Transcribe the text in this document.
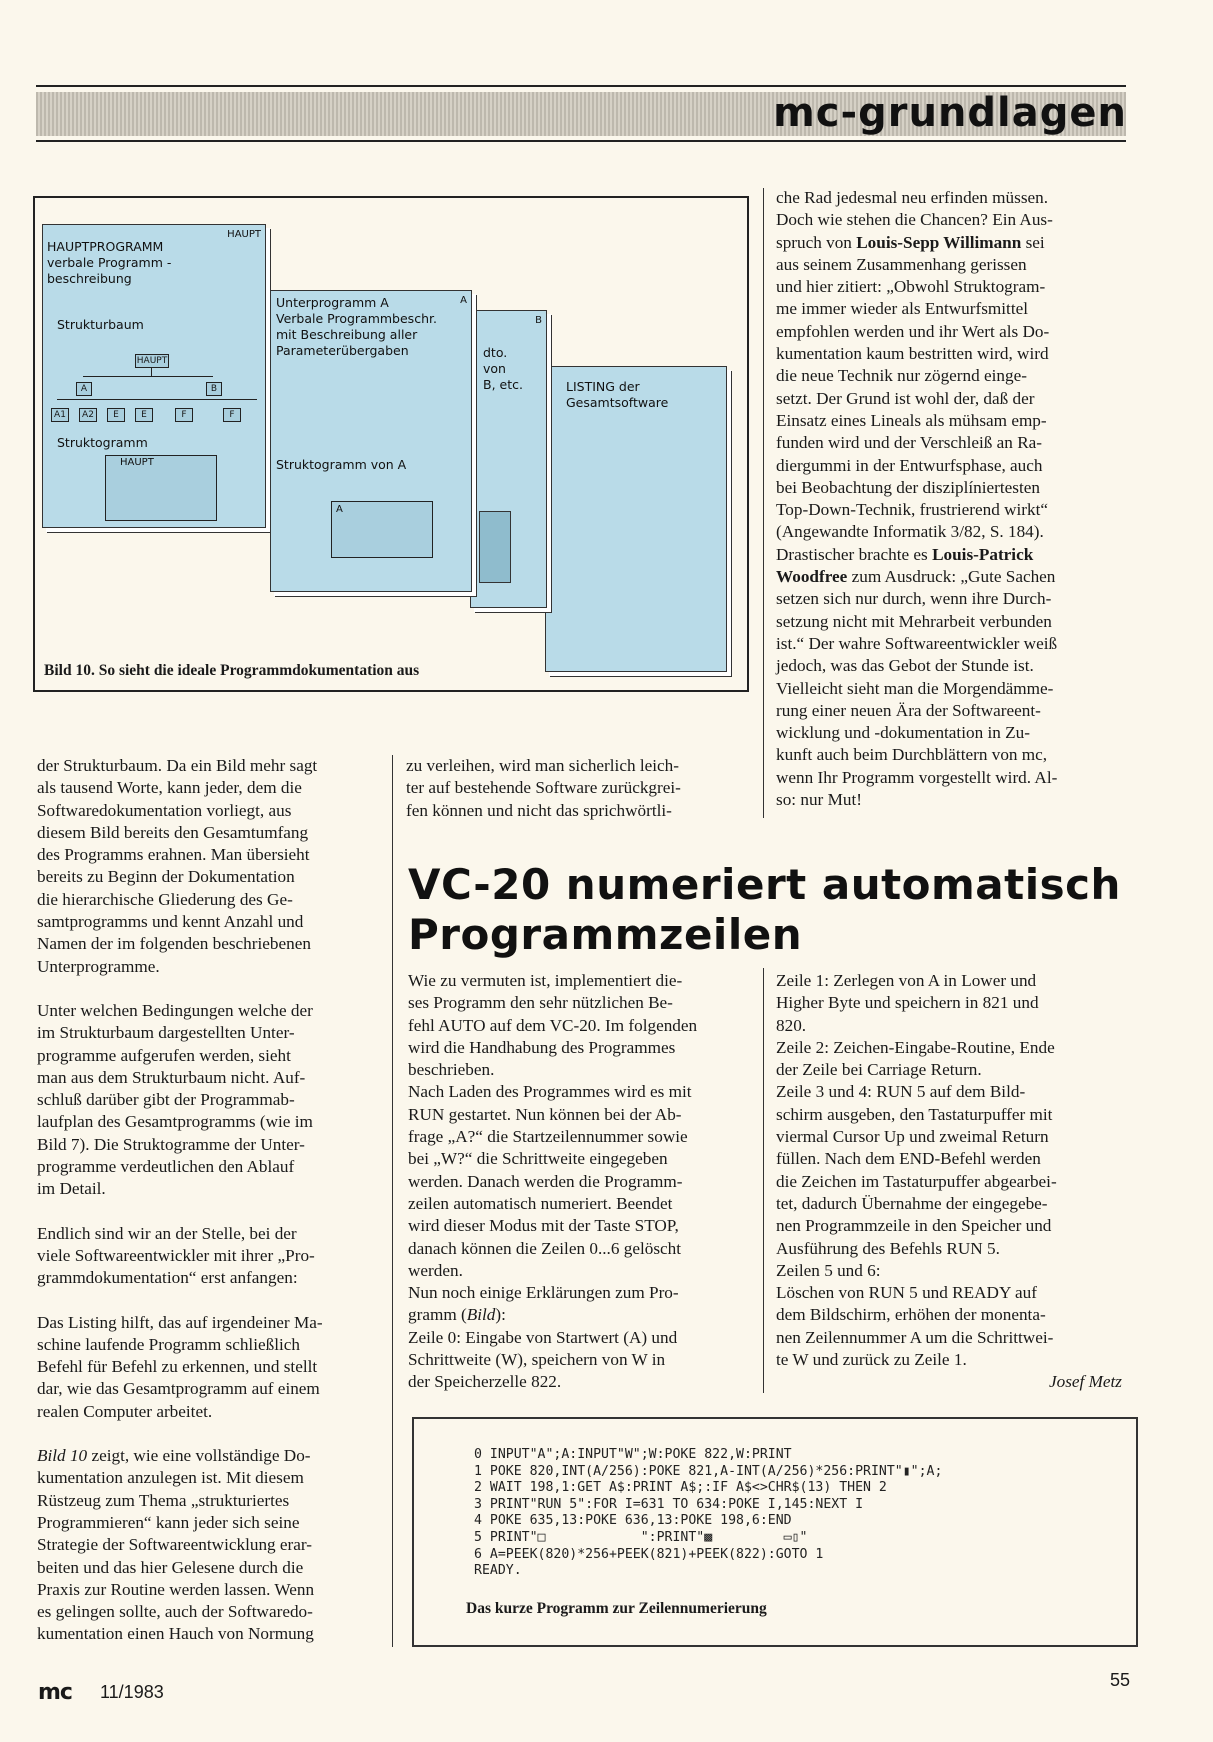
mc-grundlagen
LISTING der
Gesamtsoftware
B
dto.
von
B, etc.
A
Unterprogramm A
Verbale Programmbeschr.
mit Beschreibung aller
Parameterübergaben
Struktogramm von A
A
HAUPT
HAUPTPROGRAMM
verbale Programm -
beschreibung
Strukturbaum
HAUPT
A	B
A1	A2	E	E	F	F
Struktogramm
HAUPT
Bild 10. So sieht die ideale Programmdokumentation aus

der Strukturbaum. Da ein Bild mehr sagt
als tausend Worte, kann jeder, dem die
Softwaredokumentation vorliegt, aus
diesem Bild bereits den Gesamtumfang
des Programms erahnen. Man übersieht
bereits zu Beginn der Dokumentation
die hierarchische Gliederung des Ge-
samtprogramms und kennt Anzahl und
Namen der im folgenden beschriebenen
Unterprogramme.

Unter welchen Bedingungen welche der
im Strukturbaum dargestellten Unter-
programme aufgerufen werden, sieht
man aus dem Strukturbaum nicht. Auf-
schluß darüber gibt der Programmab-
laufplan des Gesamtprogramms (wie im
Bild 7). Die Struktogramme der Unter-
programme verdeutlichen den Ablauf
im Detail.

Endlich sind wir an der Stelle, bei der
viele Softwareentwickler mit ihrer „Pro-
grammdokumentation“ erst anfangen:

Das Listing hilft, das auf irgendeiner Ma-
schine laufende Programm schließlich
Befehl für Befehl zu erkennen, und stellt
dar, wie das Gesamtprogramm auf einem
realen Computer arbeitet.

Bild 10 zeigt, wie eine vollständige Do-
kumentation anzulegen ist. Mit diesem
Rüstzeug zum Thema „strukturiertes
Programmieren“ kann jeder sich seine
Strategie der Softwareentwicklung erar-
beiten und das hier Gelesene durch die
Praxis zur Routine werden lassen. Wenn
es gelingen sollte, auch der Softwaredo-
kumentation einen Hauch von Normung

zu verleihen, wird man sicherlich leich-
ter auf bestehende Software zurückgrei-
fen können und nicht das sprichwörtli-

che Rad jedesmal neu erfinden müssen.
Doch wie stehen die Chancen? Ein Aus-
spruch von Louis-Sepp Willimann sei
aus seinem Zusammenhang gerissen
und hier zitiert: „Obwohl Struktogram-
me immer wieder als Entwurfsmittel
empfohlen werden und ihr Wert als Do-
kumentation kaum bestritten wird, wird
die neue Technik nur zögernd einge-
setzt. Der Grund ist wohl der, daß der
Einsatz eines Lineals als mühsam emp-
funden wird und der Verschleiß an Ra-
diergummi in der Entwurfsphase, auch
bei Beobachtung der disziplíniertesten
Top-Down-Technik, frustrierend wirkt“
(Angewandte Informatik 3/82, S. 184).
Drastischer brachte es Louis-Patrick
Woodfree zum Ausdruck: „Gute Sachen
setzen sich nur durch, wenn ihre Durch-
setzung nicht mit Mehrarbeit verbunden
ist.“ Der wahre Softwareentwickler weiß
jedoch, was das Gebot der Stunde ist.
Vielleicht sieht man die Morgendämme-
rung einer neuen Ära der Softwareent-
wicklung und -dokumentation in Zu-
kunft auch beim Durchblättern von mc,
wenn Ihr Programm vorgestellt wird. Al-
so: nur Mut!

VC-20 numeriert automatisch
Programmzeilen

Wie zu vermuten ist, implementiert die-
ses Programm den sehr nützlichen Be-
fehl AUTO auf dem VC-20. Im folgenden
wird die Handhabung des Programmes
beschrieben.
Nach Laden des Programmes wird es mit
RUN gestartet. Nun können bei der Ab-
frage „A?“ die Startzeilennummer sowie
bei „W?“ die Schrittweite eingegeben
werden. Danach werden die Programm-
zeilen automatisch numeriert. Beendet
wird dieser Modus mit der Taste STOP,
danach können die Zeilen 0...6 gelöscht
werden.
Nun noch einige Erklärungen zum Pro-
gramm (Bild):
Zeile 0: Eingabe von Startwert (A) und
Schrittweite (W), speichern von W in
der Speicherzelle 822.

Zeile 1: Zerlegen von A in Lower und
Higher Byte und speichern in 821 und
820.
Zeile 2: Zeichen-Eingabe-Routine, Ende
der Zeile bei Carriage Return.
Zeile 3 und 4: RUN 5 auf dem Bild-
schirm ausgeben, den Tastaturpuffer mit
viermal Cursor Up und zweimal Return
füllen. Nach dem END-Befehl werden
die Zeichen im Tastaturpuffer abgearbei-
tet, dadurch Übernahme der eingegebe-
nen Programmzeile in den Speicher und
Ausführung des Befehls RUN 5.
Zeilen 5 und 6:
Löschen von RUN 5 und READY auf
dem Bildschirm, erhöhen der monenta-
nen Zeilennummer A um die Schrittwei-
te W und zurück zu Zeile 1.

Josef Metz
0 INPUT"A";A:INPUT"W";W:POKE 822,W:PRINT
1 POKE 820,INT(A/256):POKE 821,A-INT(A/256)*256:PRINT"▮";A;
2 WAIT 198,1:GET A$:PRINT A$;:IF A$<>CHR$(13) THEN 2
3 PRINT"RUN 5":FOR I=631 TO 634:POKE I,145:NEXT I
4 POKE 635,13:POKE 636,13:POKE 198,6:END
5 PRINT"□            ":PRINT"▩         ▭▯"
6 A=PEEK(820)*256+PEEK(821)+PEEK(822):GOTO 1
READY.
Das kurze Programm zur Zeilennumerierung
mc 11/1983
55
